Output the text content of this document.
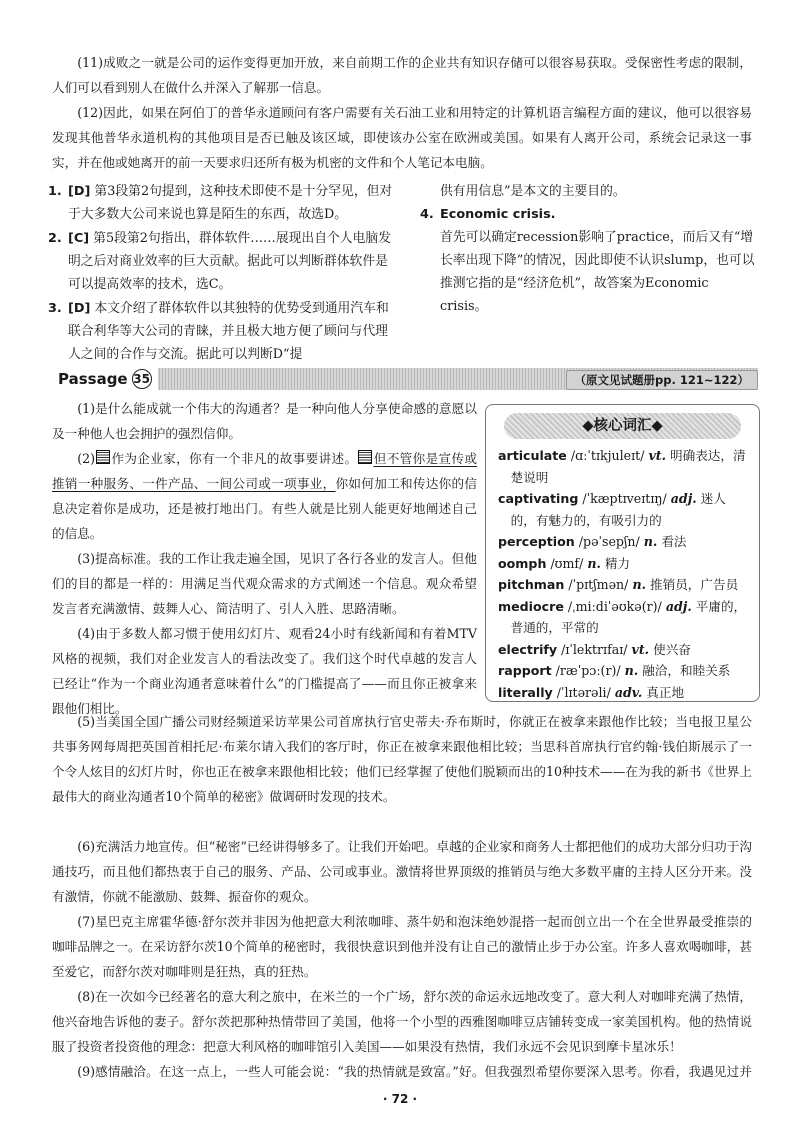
(11)成败之一就是公司的运作变得更加开放，来自前期工作的企业共有知识存储可以很容易获取。受保密性考虑的限制，人们可以看到别人在做什么并深入了解那一信息。

(12)因此，如果在阿伯丁的普华永道顾问有客户需要有关石油工业和用特定的计算机语言编程方面的建议，他可以很容易发现其他普华永道机构的其他项目是否已触及该区域，即使该办公室在欧洲或美国。如果有人离开公司，系统会记录这一事实，并在他或她离开的前一天要求归还所有极为机密的文件和个人笔记本电脑。

1. [D] 第3段第2句提到，这种技术即使不是十分罕见，但对于大多数大公司来说也算是陌生的东西，故选D。

2. [C] 第5段第2句指出，群体软件……展现出自个人电脑发明之后对商业效率的巨大贡献。据此可以判断群体软件是可以提高效率的技术，选C。

3. [D] 本文介绍了群体软件以其独特的优势受到通用汽车和联合利华等大公司的青睐，并且极大地方便了顾问与代理人之间的合作与交流。据此可以判断D“提

供有用信息”是本文的主要目的。

4. Economic crisis.
首先可以确定recession影响了practice，而后又有“增长率出现下降”的情况，因此即使不认识slump，也可以推测它指的是“经济危机”，故答案为Economic crisis。

Passage 35	（原文见试题册pp. 121~122）
◆核心词汇◆

articulate /ɑːˈtɪkjuleɪt/ vt. 明确表达，清楚说明

captivating /ˈkæptɪveɪtɪŋ/ adj. 迷人的，有魅力的，有吸引力的

perception /pəˈsepʃn/ n. 看法

oomph /ʊmf/ n. 精力

pitchman /ˈpɪtʃmən/ n. 推销员，广告员

mediocre /ˌmiːdiˈəʊkə(r)/ adj. 平庸的，普通的，平常的

electrify /ɪˈlektrɪfaɪ/ vt. 使兴奋

rapport /ræˈpɔː(r)/ n. 融洽，和睦关系

literally /ˈlɪtərəli/ adv. 真正地

(1)是什么能成就一个伟大的沟通者？是一种向他人分享使命感的意愿以及一种他人也会拥护的强烈信仰。

(2) 作为企业家，你有一个非凡的故事要讲述。 但不管你是宣传或推销一种服务、一件产品、一间公司或一项事业，你如何加工和传达你的信息决定着你是成功，还是被打地出门。有些人就是比别人能更好地阐述自己的信息。

(3)提高标准。我的工作让我走遍全国，见识了各行各业的发言人。但他们的目的都是一样的：用满足当代观众需求的方式阐述一个信息。观众希望发言者充满激情、鼓舞人心、简洁明了、引人入胜、思路清晰。

(4)由于多数人都习惯于使用幻灯片、观看24小时有线新闻和有着MTV风格的视频，我们对企业发言人的看法改变了。我们这个时代卓越的发言人已经让“作为一个商业沟通者意味着什么”的门槛提高了——而且你正被拿来跟他们相比。

(5)当美国全国广播公司财经频道采访苹果公司首席执行官史蒂夫·乔布斯时，你就正在被拿来跟他作比较；当电报卫星公共事务网每周把英国首相托尼·布莱尔请入我们的客厅时，你正在被拿来跟他相比较；当思科首席执行官约翰·钱伯斯展示了一个令人炫目的幻灯片时，你也正在被拿来跟他相比较；他们已经掌握了使他们脱颖而出的10种技术——在为我的新书《世界上最伟大的商业沟通者10个简单的秘密》做调研时发现的技术。

(6)充满活力地宣传。但“秘密”已经讲得够多了。让我们开始吧。卓越的企业家和商务人士都把他们的成功大部分归功于沟通技巧，而且他们都热衷于自己的服务、产品、公司或事业。激情将世界顶级的推销员与绝大多数平庸的主持人区分开来。没有激情，你就不能激励、鼓舞、振奋你的观众。

(7)星巴克主席霍华德·舒尔茨并非因为他把意大利浓咖啡、蒸牛奶和泡沫绝妙混搭一起而创立出一个在全世界最受推崇的咖啡品牌之一。在采访舒尔茨10个简单的秘密时，我很快意识到他并没有让自己的激情止步于办公室。许多人喜欢喝咖啡，甚至爱它，而舒尔茨对咖啡则是狂热，真的狂热。

(8)在一次如今已经著名的意大利之旅中，在米兰的一个广场，舒尔茨的命运永远地改变了。意大利人对咖啡充满了热情，他兴奋地告诉他的妻子。舒尔茨把那种热情带回了美国，他将一个小型的西雅图咖啡豆店铺转变成一家美国机构。他的热情说服了投资者投资他的理念：把意大利风格的咖啡馆引入美国——如果没有热情，我们永远不会见识到摩卡星冰乐！

(9)感情融洽。在这一点上，一些人可能会说：“我的热情就是致富。”好。但我强烈希望你要深入思考。你看，我遇见过并

· 72 ·
